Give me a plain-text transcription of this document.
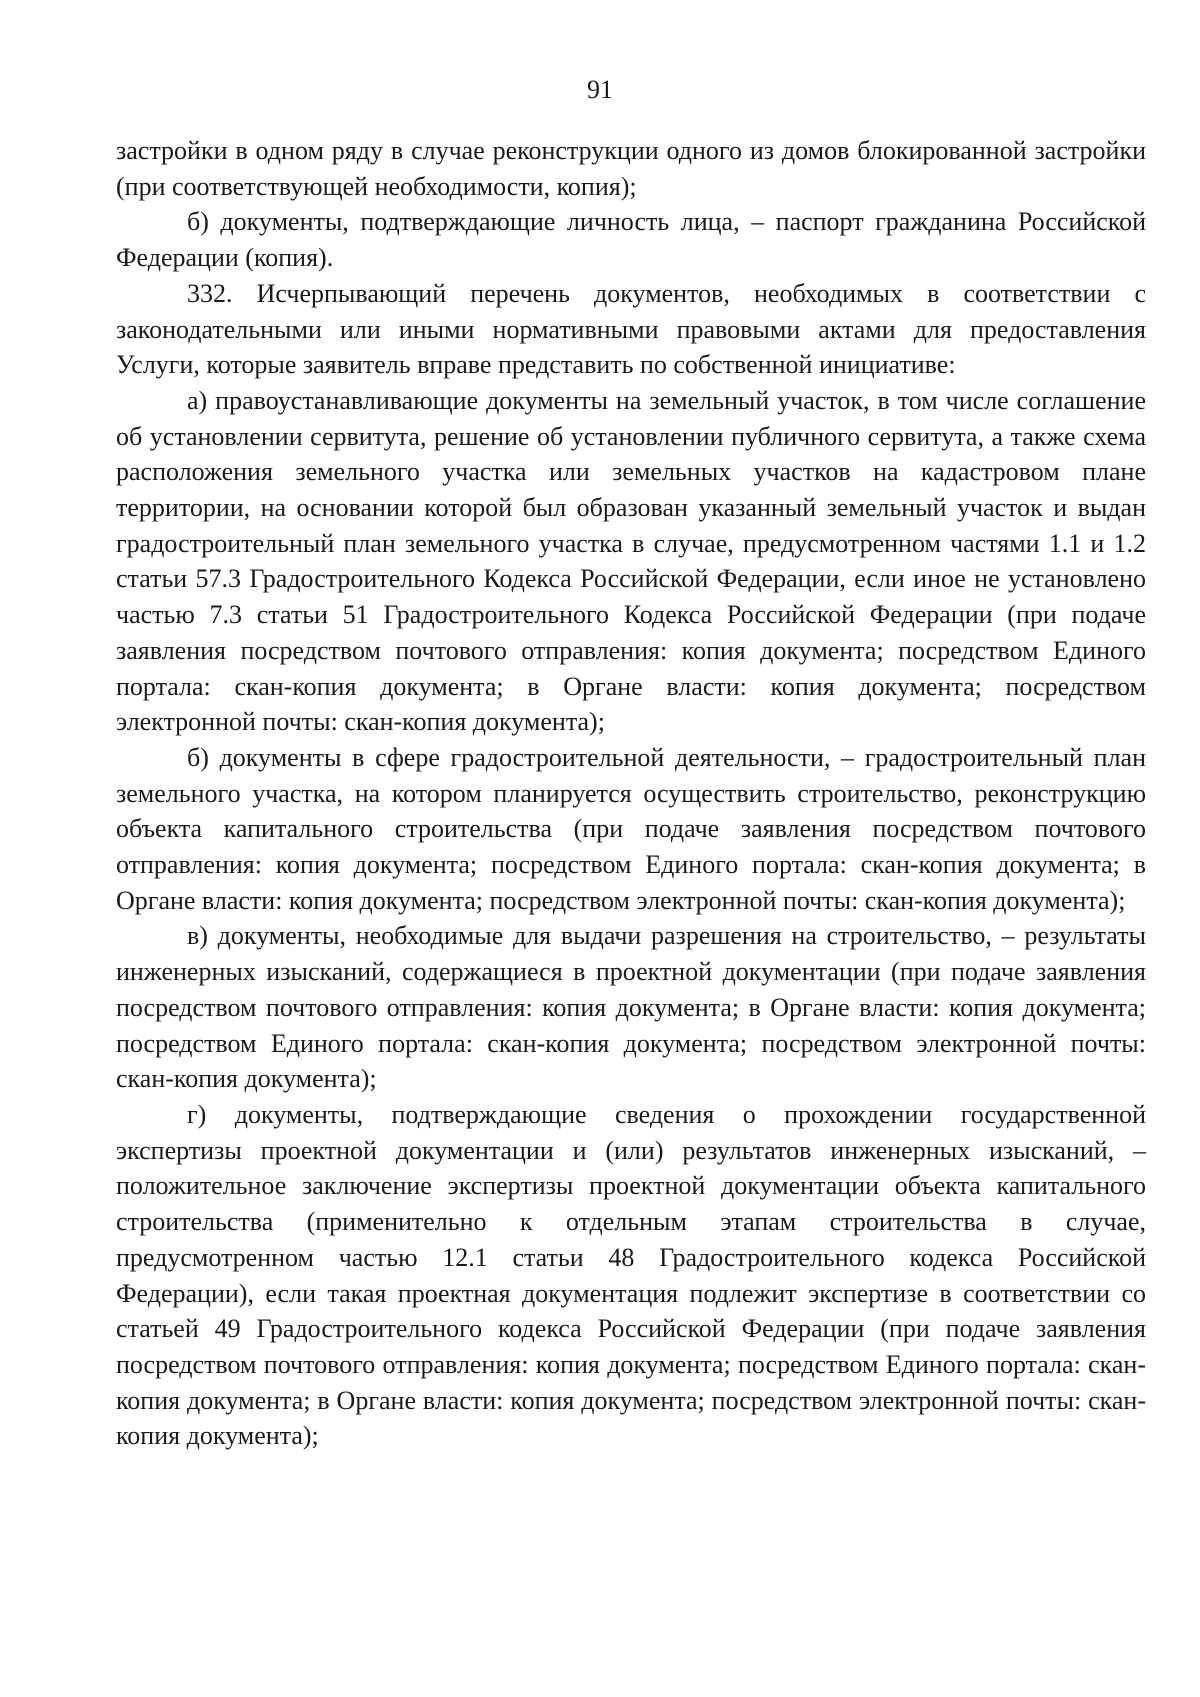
91

застройки в одном ряду в случае реконструкции одного из домов блокированной застройки (при соответствующей необходимости, копия);

б) документы, подтверждающие личность лица, – паспорт гражданина Российской Федерации (копия).

332. Исчерпывающий перечень документов, необходимых в соответствии с законодательными или иными нормативными правовыми актами для предоставления Услуги, которые заявитель вправе представить по собственной инициативе:

а) правоустанавливающие документы на земельный участок, в том числе соглашение об установлении сервитута, решение об установлении публичного сервитута, а также схема расположения земельного участка или земельных участков на кадастровом плане территории, на основании которой был образован указанный земельный участок и выдан градостроительный план земельного участка в случае, предусмотренном частями 1.1 и 1.2 статьи 57.3 Градостроительного Кодекса Российской Федерации, если иное не установлено частью 7.3 статьи 51 Градостроительного Кодекса Российской Федерации (при подаче заявления посредством почтового отправления: копия документа; посредством Единого портала: скан-копия документа; в Органе власти: копия документа; посредством электронной почты: скан-копия документа);

б) документы в сфере градостроительной деятельности, – градостроительный план земельного участка, на котором планируется осуществить строительство, реконструкцию объекта капитального строительства (при подаче заявления посредством почтового отправления: копия документа; посредством Единого портала: скан-копия документа; в Органе власти: копия документа; посредством электронной почты: скан-копия документа);

в) документы, необходимые для выдачи разрешения на строительство, – результаты инженерных изысканий, содержащиеся в проектной документации (при подаче заявления посредством почтового отправления: копия документа; в Органе власти: копия документа; посредством Единого портала: скан-копия документа; посредством электронной почты: скан-копия документа);

г) документы, подтверждающие сведения о прохождении государственной экспертизы проектной документации и (или) результатов инженерных изысканий, – положительное заключение экспертизы проектной документации объекта капитального строительства (применительно к отдельным этапам строительства в случае, предусмотренном частью 12.1 статьи 48 Градостроительного кодекса Российской Федерации), если такая проектная документация подлежит экспертизе в соответствии со статьей 49 Градостроительного кодекса Российской Федерации (при подаче заявления посредством почтового отправления: копия документа; посредством Единого портала: скан-копия документа; в Органе власти: копия документа; посредством электронной почты: скан-копия документа);
